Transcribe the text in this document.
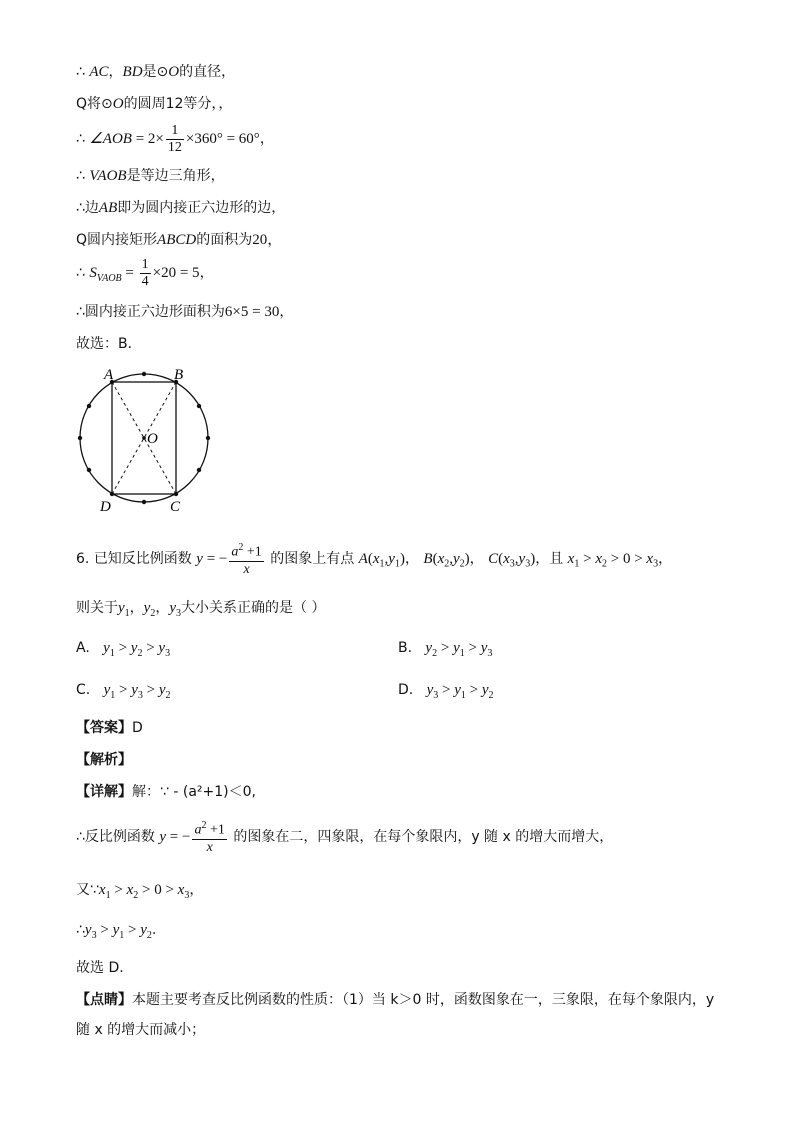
∴ AC，BD是⊙O的直径，
Q将⊙O的圆周12等分，，
∴ ∠AOB = $2\times \frac{1}{12} \times 360^\circ = 60^\circ$，
∴ VAOB是等边三角形，
∴边AB即为圆内接正六边形的边，
Q圆内接矩形ABCD的面积为20，
∴ $S_{VAOB} = \frac{1}{4} \times 20 = 5$，
∴圆内接正六边形面积为6×5 = 30，
故选：B．
A	B
C
D
O
6. 已知反比例函数 y = − $\frac{a^2 +1}{x}$ 的图象上有点 $A(x_1,y_1)$， $B(x_2,y_2)$， $C(x_3,y_3)$，且 $x_1 > x_2 > 0 > x_3$，
则关于$y_1$，$y_2$，$y_3$大小关系正确的是（ ）
A. $y_1 > y_2 > y_3$	B. $y_2 > y_1 > y_3$
C. $y_1 > y_3 > y_2$	D. $y_3 > y_1 > y_2$
【答案】D
【解析】
【详解】解：∵ - (a²+1)＜0,
∴反比例函数 y = − $\frac{a^2 +1}{x}$ 的图象在二，四象限，在每个象限内，y 随 x 的增大而增大，
又$\because x_1 > x_2 > 0 > x_3$，
$\therefore y_3 > y_1 > y_2$.
故选 D.
【点睛】本题主要考查反比例函数的性质：（1）当 k＞0 时，函数图象在一，三象限，在每个象限内，y
随 x 的增大而减小；
